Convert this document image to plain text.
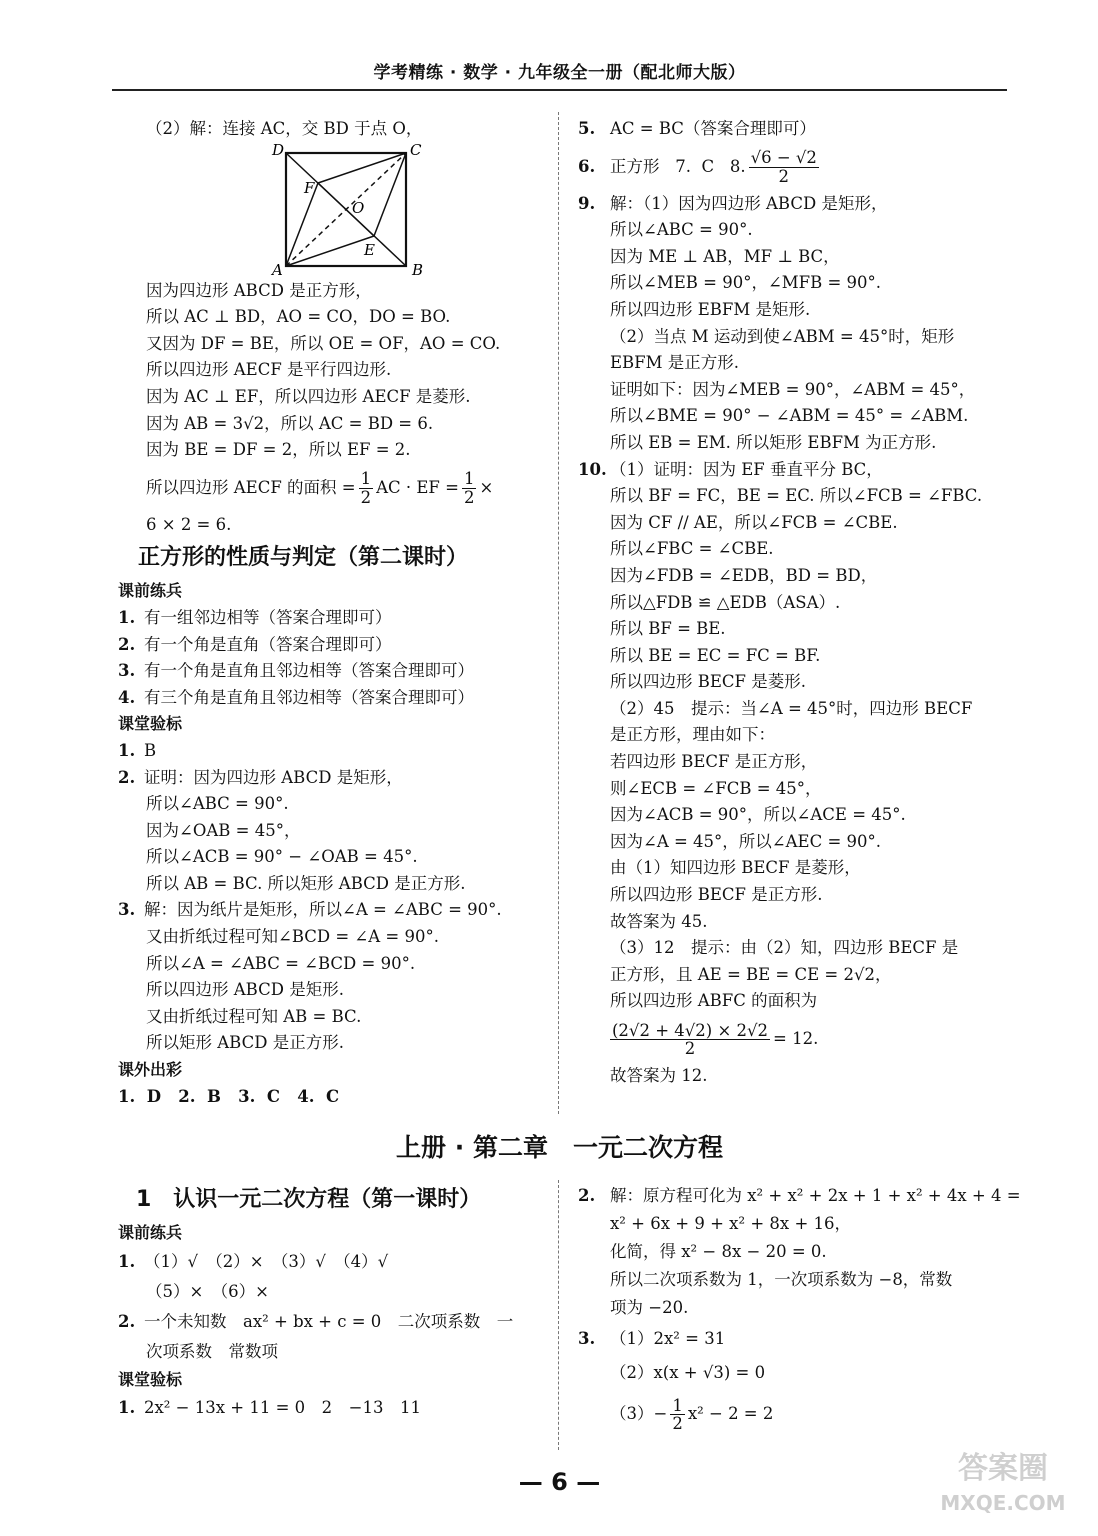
学考精练 · 数学 · 九年级全一册（配北师大版）
（2）解：连接 AC，交 BD 于点 O，
D	C
F
O
E
A	B
因为四边形 ABCD 是正方形，
所以 AC ⊥ BD，AO = CO，DO = BO.
又因为 DF = BE，所以 OE = OF，AO = CO.
所以四边形 AECF 是平行四边形.
因为 AC ⊥ EF，所以四边形 AECF 是菱形.
因为 AB = 3√2，所以 AC = BD = 6.
因为 BE = DF = 2，所以 EF = 2.
所以四边形 AECF 的面积 = $\frac{1}{2}$ AC · EF = $\frac{1}{2}$ ×
6 × 2 = 6.
正方形的性质与判定（第二课时）
课前练兵
1. 有一组邻边相等（答案合理即可）
2. 有一个角是直角（答案合理即可）
3. 有一个角是直角且邻边相等（答案合理即可）
4. 有三个角是直角且邻边相等（答案合理即可）
课堂验标
1. B
2. 证明：因为四边形 ABCD 是矩形，
所以∠ABC = 90°.
因为∠OAB = 45°，
所以∠ACB = 90° − ∠OAB = 45°.
所以 AB = BC. 所以矩形 ABCD 是正方形.
3. 解：因为纸片是矩形，所以∠A = ∠ABC = 90°.
又由折纸过程可知∠BCD = ∠A = 90°.
所以∠A = ∠ABC = ∠BCD = 90°.
所以四边形 ABCD 是矩形.
又由折纸过程可知 AB = BC.
所以矩形 ABCD 是正方形.
课外出彩
1.  D   2.  B   3.  C   4.  C
5. AC = BC（答案合理即可）
6. 正方形   7.  C   8. $\frac{√6 - √2}{2}$
9. 解：（1）因为四边形 ABCD 是矩形，
所以∠ABC = 90°.
因为 ME ⊥ AB，MF ⊥ BC，
所以∠MEB = 90°，∠MFB = 90°.
所以四边形 EBFM 是矩形.
（2）当点 M 运动到使∠ABM = 45°时，矩形
EBFM 是正方形.
证明如下：因为∠MEB = 90°，∠ABM = 45°，
所以∠BME = 90° − ∠ABM = 45° = ∠ABM.
所以 EB = EM. 所以矩形 EBFM 为正方形.
10. （1）证明：因为 EF 垂直平分 BC，
所以 BF = FC，BE = EC. 所以∠FCB = ∠FBC.
因为 CF // AE，所以∠FCB = ∠CBE.
所以∠FBC = ∠CBE.
因为∠FDB = ∠EDB，BD = BD，
所以△FDB ≌ △EDB（ASA）.
所以 BF = BE.
所以 BE = EC = FC = BF.
所以四边形 BECF 是菱形.
（2）45　提示：当∠A = 45°时，四边形 BECF
是正方形，理由如下：
若四边形 BECF 是正方形，
则∠ECB = ∠FCB = 45°，
因为∠ACB = 90°，所以∠ACE = 45°.
因为∠A = 45°，所以∠AEC = 90°.
由（1）知四边形 BECF 是菱形，
所以四边形 BECF 是正方形.
故答案为 45.
（3）12　提示：由（2）知，四边形 BECF 是
正方形，且 AE = BE = CE = 2√2，
所以四边形 ABFC 的面积为
$\frac{(2√2 + 4√2) \times 2√2}{2} = 12$.
故答案为 12.
上册 · 第二章　一元二次方程
1　认识一元二次方程（第一课时）
课前练兵
1. （1）√　（2）×　（3）√　（4）√
（5）×　（6）×
2. 一个未知数　ax² + bx + c = 0　二次项系数　一
次项系数　常数项
课堂验标
1. 2x² − 13x + 11 = 0　2　−13　11
2. 解：原方程可化为 x² + x² + 2x + 1 + x² + 4x + 4 =
x² + 6x + 9 + x² + 8x + 16，
化简，得 x² − 8x − 20 = 0.
所以二次项系数为 1，一次项系数为 −8，常数
项为 −20.
3. （1）2x² = 31
（2）x(x + √3) = 0
$(3)- \frac{1}{2} x^2 - 2 = 2$
— 6 —	答案圈
MXQE.COM
